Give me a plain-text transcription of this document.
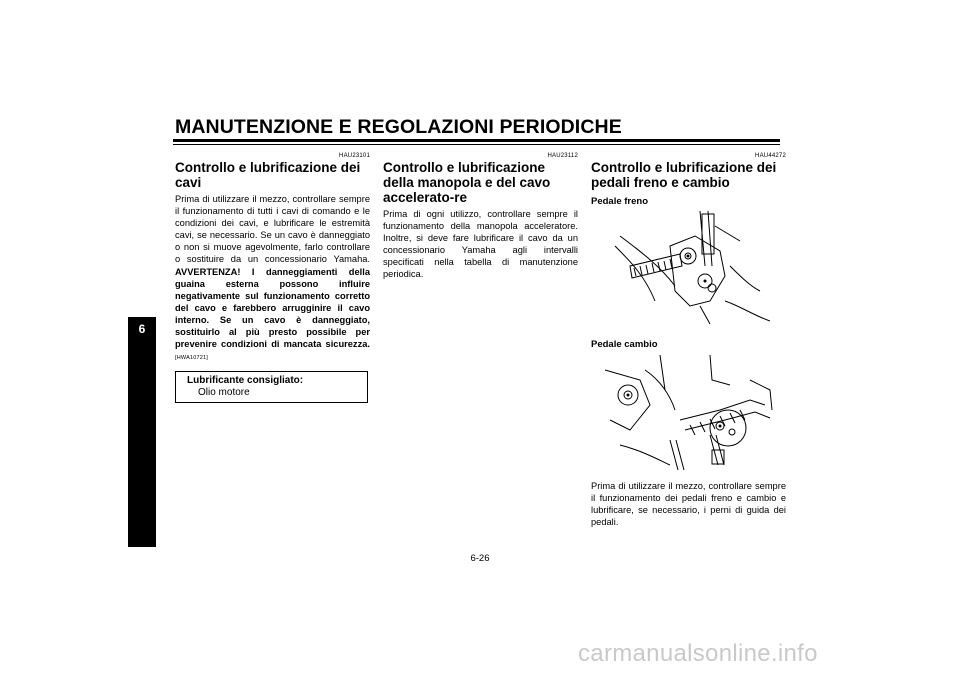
MANUTENZIONE E REGOLAZIONI PERIODICHE
6
HAU23101
Controllo e lubrificazione dei cavi

Prima di utilizzare il mezzo, controllare sempre il funzionamento di tutti i cavi di comando e le condizioni dei cavi, e lubrificare le estremità cavi, se necessario. Se un cavo è danneggiato o non si muove agevolmente, farlo controllare o sostituire da un concessionario Yamaha. AVVERTENZA! I danneggiamenti della guaina esterna possono influire negativamente sul funzionamento corretto del cavo e farebbero arrugginire il cavo interno. Se un cavo è danneggiato, sostituirlo al più presto possibile per prevenire condizioni di mancata sicurezza. [HWA10721]

Lubrificante consigliato:
Olio motore
HAU23112
Controllo e lubrificazione della manopola e del cavo accelerato-re

Prima di ogni utilizzo, controllare sempre il funzionamento della manopola acceleratore. Inoltre, si deve fare lubrificare il cavo da un concessionario Yamaha agli intervalli specificati nella tabella di manutenzione periodica.

HAU44272
Controllo e lubrificazione dei pedali freno e cambio
Pedale freno
Pedale cambio

Prima di utilizzare il mezzo, controllare sempre il funzionamento dei pedali freno e cambio e lubrificare, se necessario, i perni di guida dei pedali.

6-26
carmanualsonline.info
